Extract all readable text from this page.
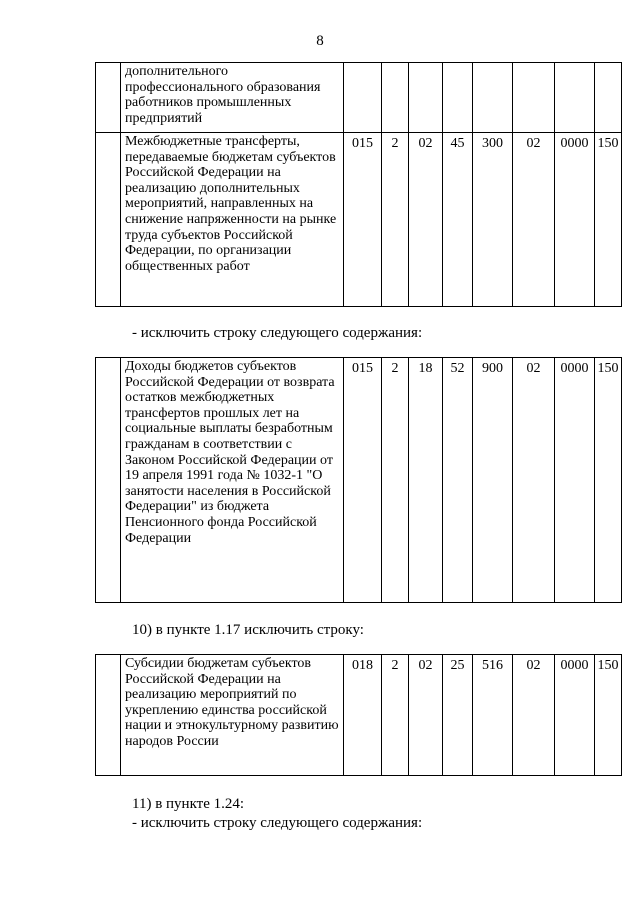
8
	дополнительного профессионального образования работников промышленных предприятий								
	Межбюджетные трансферты, передаваемые бюджетам субъектов Российской Федерации на реализацию дополнительных мероприятий, направленных на снижение напряженности на рынке труда субъектов Российской Федерации, по организации общественных работ	015	2	02	45	300	02	0000	150
- исключить строку следующего содержания:
	Доходы бюджетов субъектов Российской Федерации от возврата остатков межбюджетных трансфертов прошлых лет на социальные выплаты безработным гражданам в соответствии с Законом Российской Федерации от 19 апреля 1991 года № 1032-1 "О занятости населения в Российской Федерации" из бюджета Пенсионного фонда Российской Федерации	015	2	18	52	900	02	0000	150
10) в пункте 1.17 исключить строку:
	Субсидии бюджетам субъектов Российской Федерации на реализацию мероприятий по укреплению единства российской нации и этнокультурному развитию народов России	018	2	02	25	516	02	0000	150
11) в пункте 1.24:
- исключить строку следующего содержания:
